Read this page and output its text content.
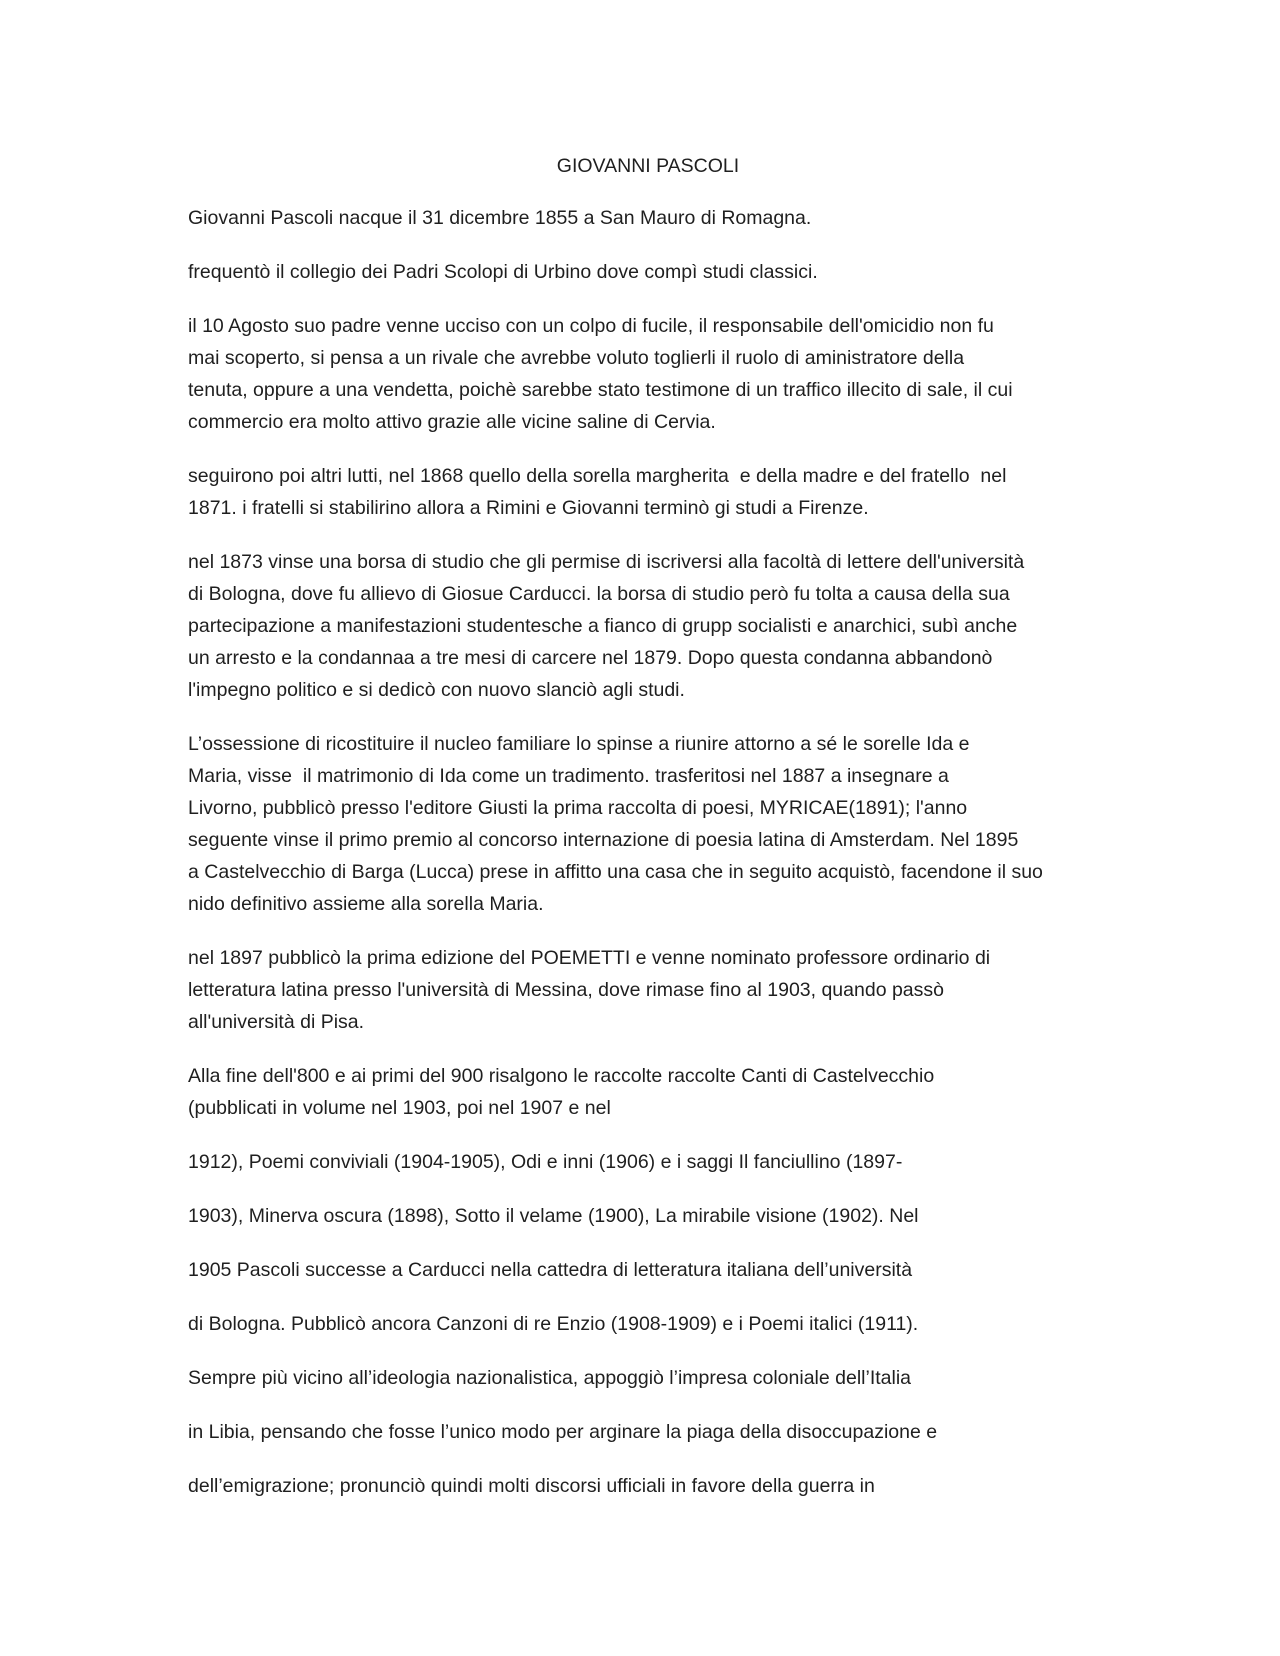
GIOVANNI PASCOLI
Giovanni Pascoli nacque il 31 dicembre 1855 a San Mauro di Romagna.
frequentò il collegio dei Padri Scolopi di Urbino dove compì studi classici.
il 10 Agosto suo padre venne ucciso con un colpo di fucile, il responsabile dell'omicidio non fu
mai scoperto, si pensa a un rivale che avrebbe voluto toglierli il ruolo di aministratore della
tenuta, oppure a una vendetta, poichè sarebbe stato testimone di un traffico illecito di sale, il cui
commercio era molto attivo grazie alle vicine saline di Cervia.
seguirono poi altri lutti, nel 1868 quello della sorella margherita  e della madre e del fratello  nel
1871. i fratelli si stabilirino allora a Rimini e Giovanni terminò gi studi a Firenze.
nel 1873 vinse una borsa di studio che gli permise di iscriversi alla facoltà di lettere dell'università
di Bologna, dove fu allievo di Giosue Carducci. la borsa di studio però fu tolta a causa della sua
partecipazione a manifestazioni studentesche a fianco di grupp socialisti e anarchici, subì anche
un arresto e la condannaa a tre mesi di carcere nel 1879. Dopo questa condanna abbandonò
l'impegno politico e si dedicò con nuovo slanciò agli studi.
L’ossessione di ricostituire il nucleo familiare lo spinse a riunire attorno a sé le sorelle Ida e
Maria, visse  il matrimonio di Ida come un tradimento. trasferitosi nel 1887 a insegnare a
Livorno, pubblicò presso l'editore Giusti la prima raccolta di poesi, MYRICAE(1891); l'anno
seguente vinse il primo premio al concorso internazione di poesia latina di Amsterdam. Nel 1895
a Castelvecchio di Barga (Lucca) prese in affitto una casa che in seguito acquistò, facendone il suo
nido definitivo assieme alla sorella Maria.
nel 1897 pubblicò la prima edizione del POEMETTI e venne nominato professore ordinario di
letteratura latina presso l'università di Messina, dove rimase fino al 1903, quando passò
all'università di Pisa.
Alla fine dell'800 e ai primi del 900 risalgono le raccolte raccolte Canti di Castelvecchio
(pubblicati in volume nel 1903, poi nel 1907 e nel
1912), Poemi conviviali (1904-1905), Odi e inni (1906) e i saggi Il fanciullino (1897-
1903), Minerva oscura (1898), Sotto il velame (1900), La mirabile visione (1902). Nel
1905 Pascoli successe a Carducci nella cattedra di letteratura italiana dell’università
di Bologna. Pubblicò ancora Canzoni di re Enzio (1908-1909) e i Poemi italici (1911).
Sempre più vicino all’ideologia nazionalistica, appoggiò l’impresa coloniale dell’Italia
in Libia, pensando che fosse l’unico modo per arginare la piaga della disoccupazione e
dell’emigrazione; pronunciò quindi molti discorsi ufficiali in favore della guerra in
